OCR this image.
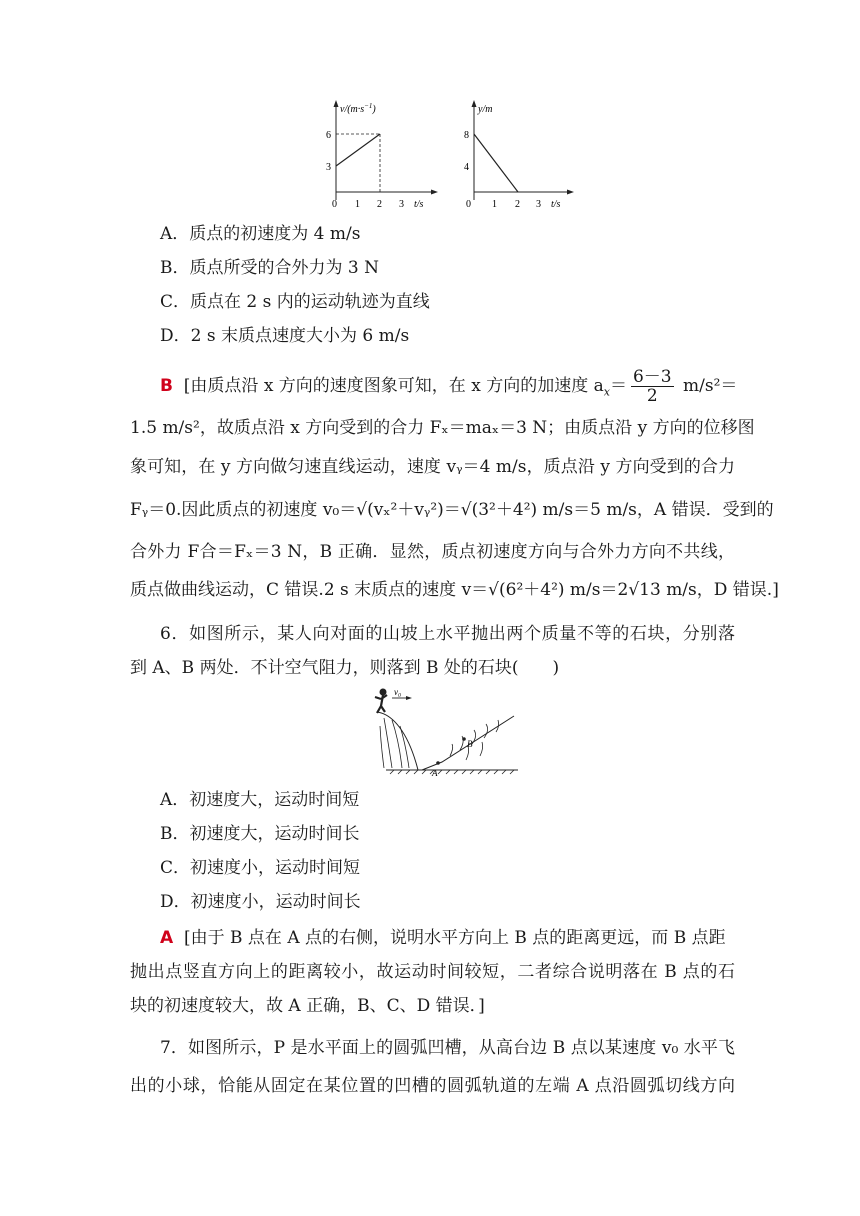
$v/(m\cdot s^{-1})$
6
3
0 1 2 3 t/s
y/m
8
4
0 1 2 3 t/s
A．质点的初速度为 4 m/s
B．质点所受的合外力为 3 N
C．质点在 2 s 内的运动轨迹为直线
D．2 s 末质点速度大小为 6 m/s
B [由质点沿 x 方向的速度图象可知，在 x 方向的加速度 $a_x= \frac{6-3}{2} m/s^2=$
1.5 m/s²，故质点沿 x 方向受到的合力 Fₓ＝maₓ＝3 N；由质点沿 y 方向的位移图
象可知，在 y 方向做匀速直线运动，速度 vᵧ＝4 m/s，质点沿 y 方向受到的合力
Fᵧ＝0.因此质点的初速度 v₀＝√(vₓ²＋vᵧ²)＝√(3²＋4²) m/s＝5 m/s，A 错误．受到的
合外力 F合＝Fₓ＝3 N，B 正确．显然，质点初速度方向与合外力方向不共线，
质点做曲线运动，C 错误.2 s 末质点的速度 v＝√(6²＋4²) m/s＝2√13 m/s，D 错误.]
6．如图所示，某人向对面的山坡上水平抛出两个质量不等的石块，分别落
到 A、B 两处．不计空气阻力，则落到 B 处的石块(　　)
v₀
A
B
A．初速度大，运动时间短
B．初速度大，运动时间长
C．初速度小，运动时间短
D．初速度小，运动时间长
A [由于 B 点在 A 点的右侧，说明水平方向上 B 点的距离更远，而 B 点距
抛出点竖直方向上的距离较小，故运动时间较短，二者综合说明落在 B 点的石
块的初速度较大，故 A 正确，B、C、D 错误．]
7．如图所示，P 是水平面上的圆弧凹槽，从高台边 B 点以某速度 v₀ 水平飞
出的小球，恰能从固定在某位置的凹槽的圆弧轨道的左端 A 点沿圆弧切线方向
